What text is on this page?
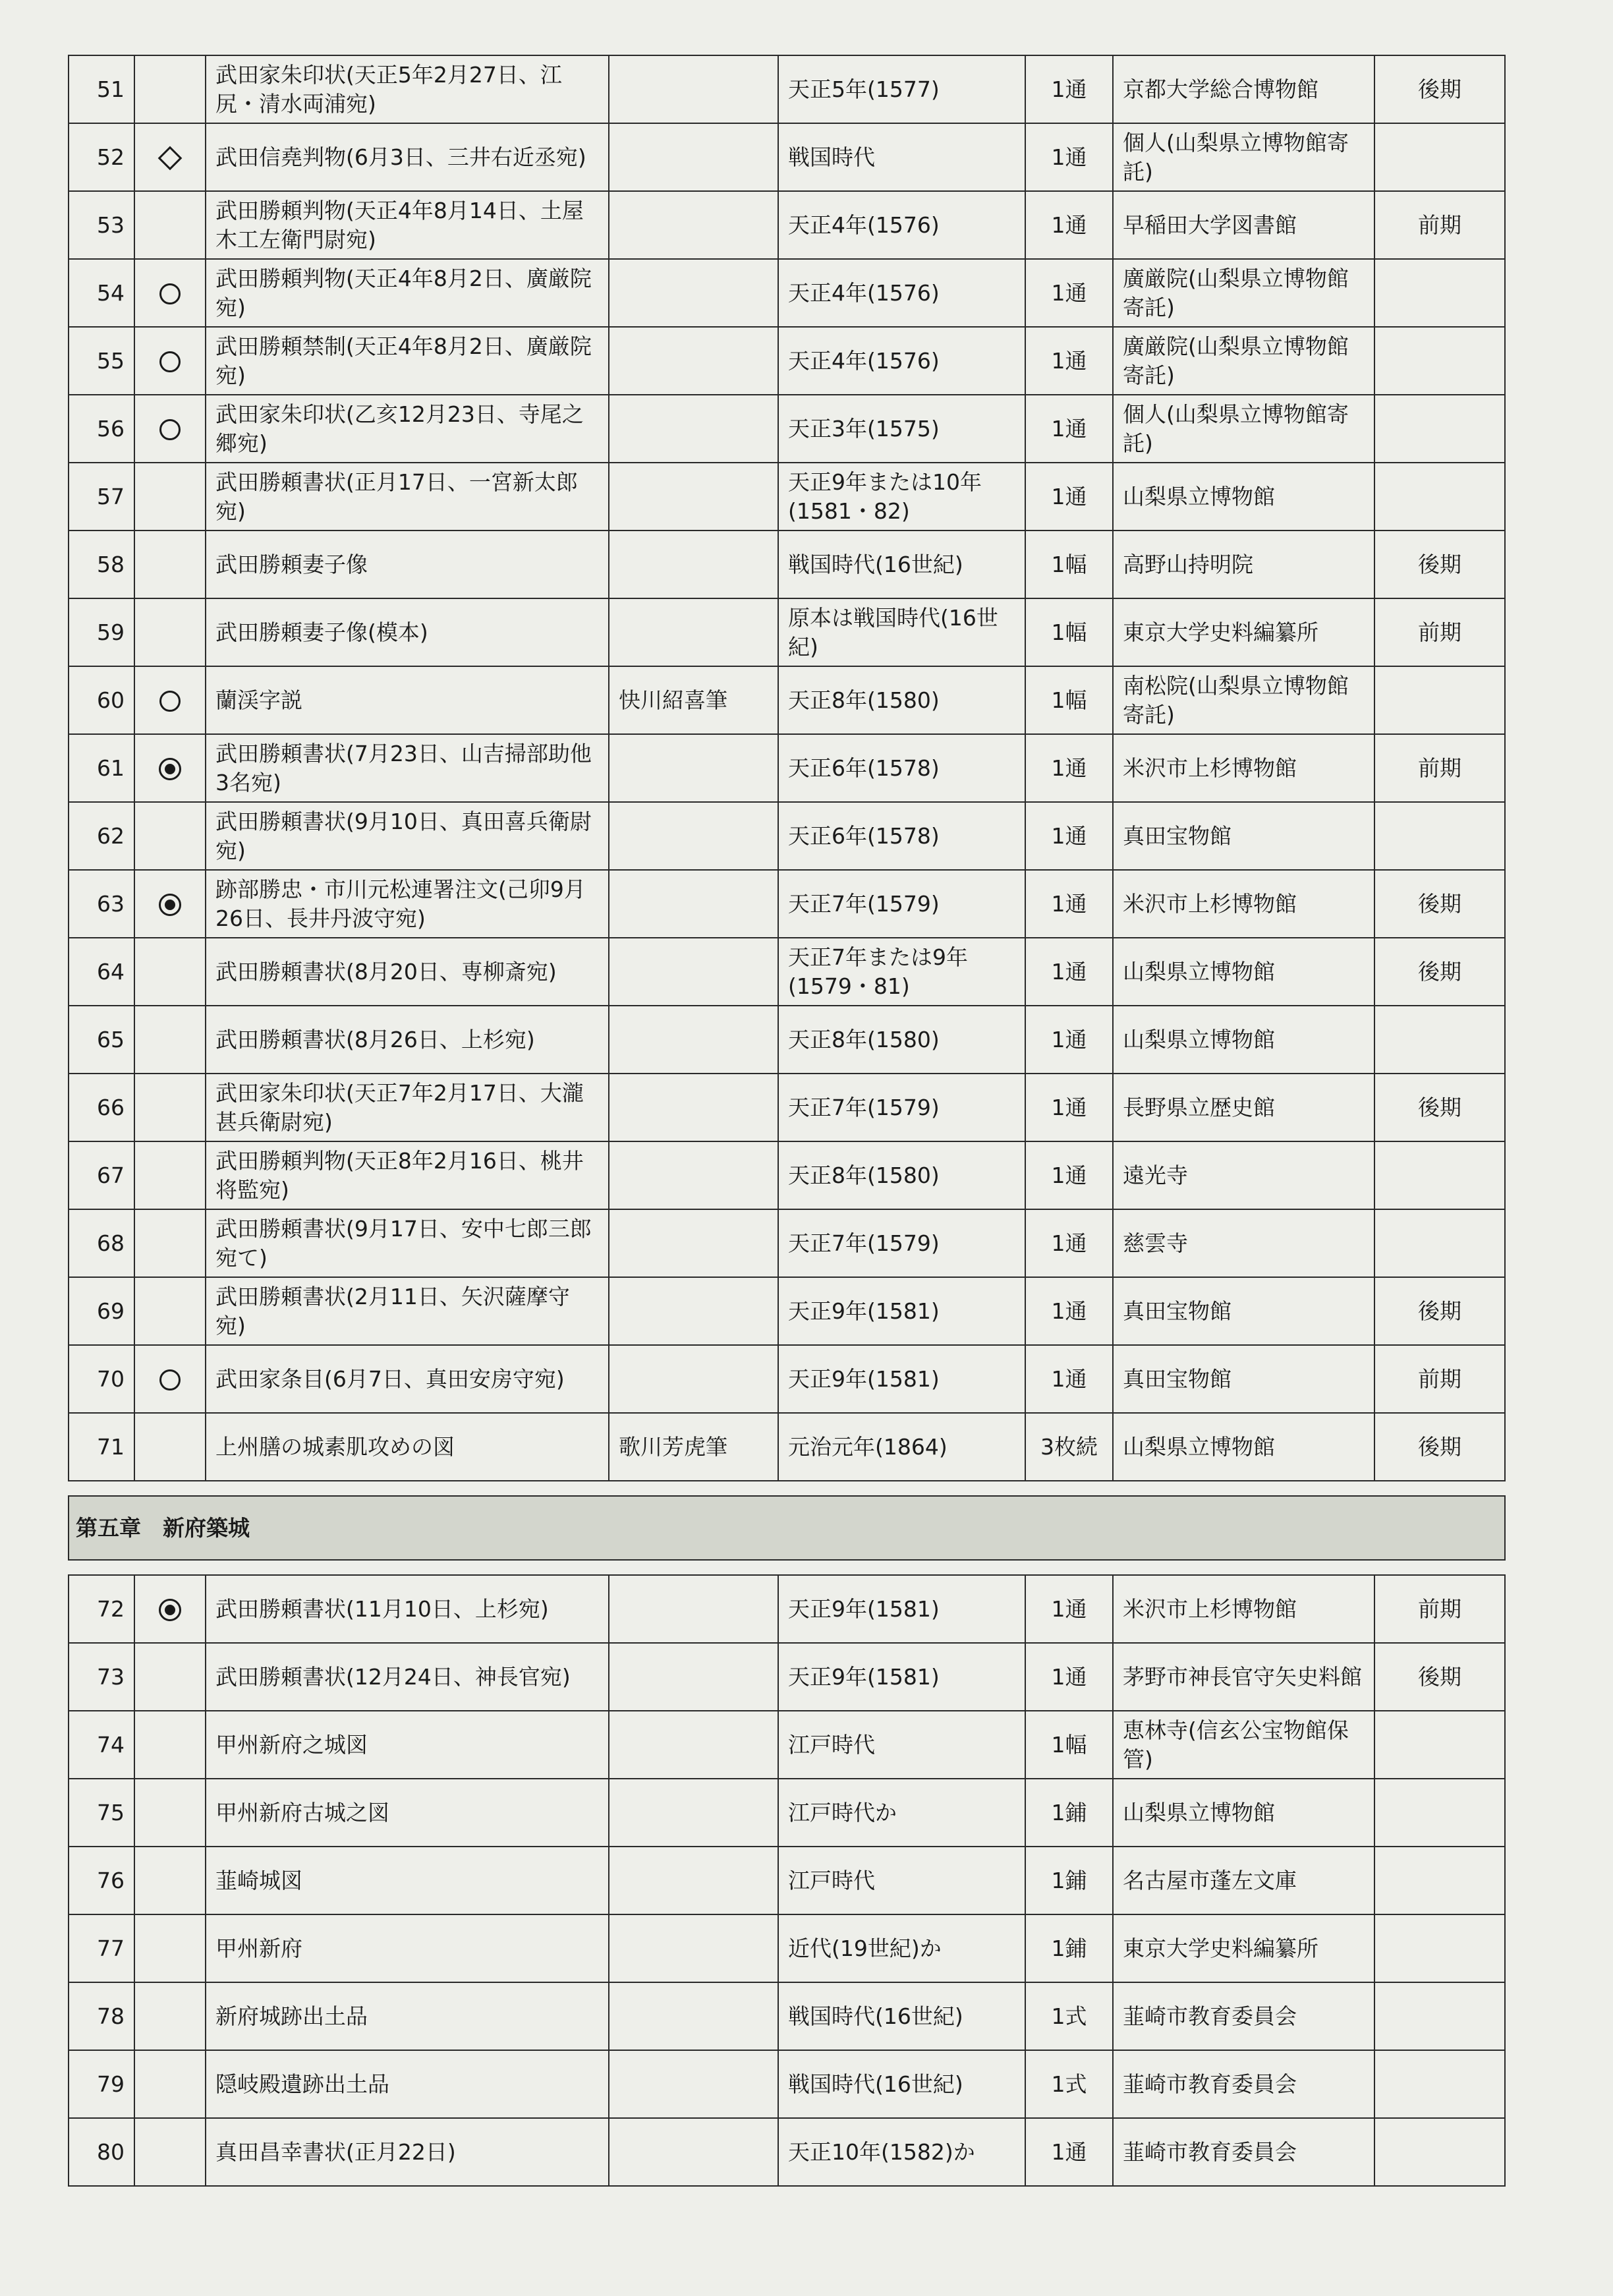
51		武田家朱印状(天正5年2月27日、江尻・清水両浦宛)		天正5年(1577)	1通	京都大学総合博物館	後期
52		武田信堯判物(6月3日、三井右近丞宛)		戦国時代	1通	個人(山梨県立博物館寄託)	
53		武田勝頼判物(天正4年8月14日、土屋木工左衛門尉宛)		天正4年(1576)	1通	早稲田大学図書館	前期
54		武田勝頼判物(天正4年8月2日、廣厳院宛)		天正4年(1576)	1通	廣厳院(山梨県立博物館寄託)	
55		武田勝頼禁制(天正4年8月2日、廣厳院宛)		天正4年(1576)	1通	廣厳院(山梨県立博物館寄託)	
56		武田家朱印状(乙亥12月23日、寺尾之郷宛)		天正3年(1575)	1通	個人(山梨県立博物館寄託)	
57		武田勝頼書状(正月17日、一宮新太郎宛)		天正9年または10年(1581・82)	1通	山梨県立博物館	
58		武田勝頼妻子像		戦国時代(16世紀)	1幅	高野山持明院	後期
59		武田勝頼妻子像(模本)		原本は戦国時代(16世紀)	1幅	東京大学史料編纂所	前期
60		蘭渓字説	快川紹喜筆	天正8年(1580)	1幅	南松院(山梨県立博物館寄託)	
61		武田勝頼書状(7月23日、山吉掃部助他3名宛)		天正6年(1578)	1通	米沢市上杉博物館	前期
62		武田勝頼書状(9月10日、真田喜兵衛尉宛)		天正6年(1578)	1通	真田宝物館	
63		跡部勝忠・市川元松連署注文(己卯9月26日、長井丹波守宛)		天正7年(1579)	1通	米沢市上杉博物館	後期
64		武田勝頼書状(8月20日、専柳斎宛)		天正7年または9年(1579・81)	1通	山梨県立博物館	後期
65		武田勝頼書状(8月26日、上杉宛)		天正8年(1580)	1通	山梨県立博物館	
66		武田家朱印状(天正7年2月17日、大瀧甚兵衛尉宛)		天正7年(1579)	1通	長野県立歴史館	後期
67		武田勝頼判物(天正8年2月16日、桃井将監宛)		天正8年(1580)	1通	遠光寺	
68		武田勝頼書状(9月17日、安中七郎三郎宛て)		天正7年(1579)	1通	慈雲寺	
69		武田勝頼書状(2月11日、矢沢薩摩守宛)		天正9年(1581)	1通	真田宝物館	後期
70		武田家条目(6月7日、真田安房守宛)		天正9年(1581)	1通	真田宝物館	前期
71		上州膳の城素肌攻めの図	歌川芳虎筆	元治元年(1864)	3枚続	山梨県立博物館	後期

第五章　新府築城							

72		武田勝頼書状(11月10日、上杉宛)		天正9年(1581)	1通	米沢市上杉博物館	前期
73		武田勝頼書状(12月24日、神長官宛)		天正9年(1581)	1通	茅野市神長官守矢史料館	後期
74		甲州新府之城図		江戸時代	1幅	恵林寺(信玄公宝物館保管)	
75		甲州新府古城之図		江戸時代か	1鋪	山梨県立博物館	
76		韮崎城図		江戸時代	1鋪	名古屋市蓬左文庫	
77		甲州新府		近代(19世紀)か	1鋪	東京大学史料編纂所	
78		新府城跡出土品		戦国時代(16世紀)	1式	韮崎市教育委員会	
79		隠岐殿遺跡出土品		戦国時代(16世紀)	1式	韮崎市教育委員会	
80		真田昌幸書状(正月22日)		天正10年(1582)か	1通	韮崎市教育委員会	
